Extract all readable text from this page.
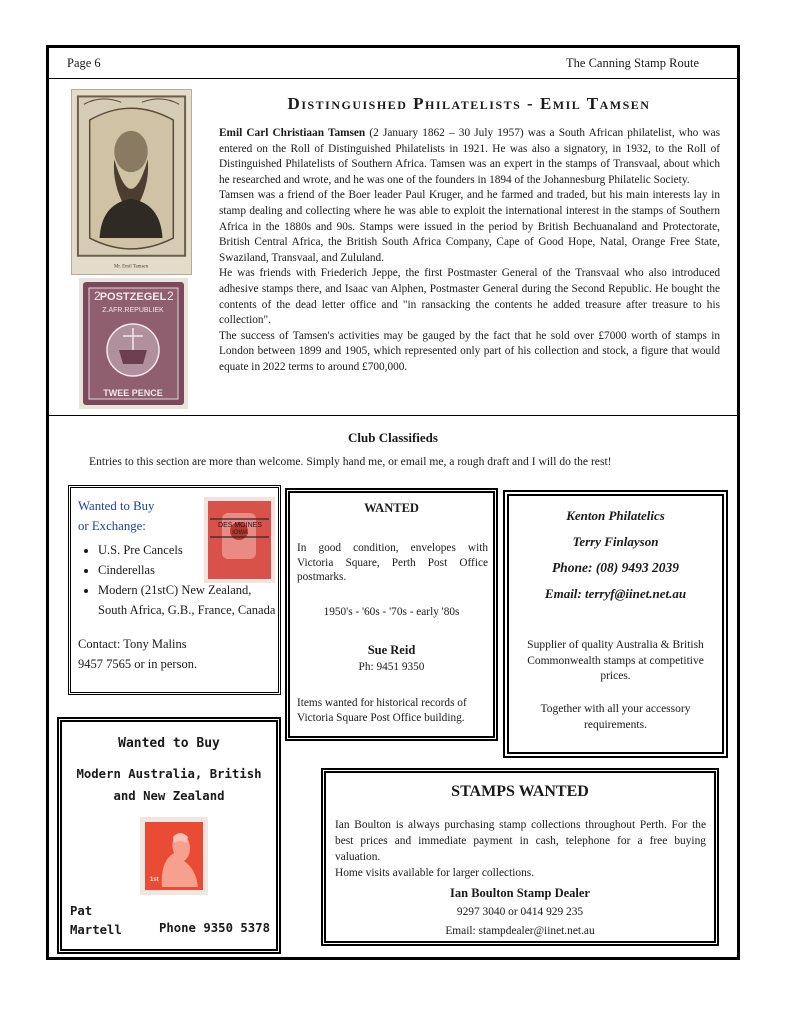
Page 6	The Canning Stamp Route
Mr. Emil Tamsen
POSTZEGEL
Z.AFR.REPUBLIEK
2	2
TWEE PENCE
Distinguished Philatelists - Emil Tamsen

Emil Carl Christiaan Tamsen (2 January 1862 – 30 July 1957) was a South African philatelist, who was entered on the Roll of Distinguished Philatelists in 1921. He was also a signatory, in 1932, to the Roll of Distinguished Philatelists of Southern Africa. Tamsen was an expert in the stamps of Transvaal, about which he researched and wrote, and he was one of the founders in 1894 of the Johannesburg Philatelic Society.

Tamsen was a friend of the Boer leader Paul Kruger, and he farmed and traded, but his main interests lay in stamp dealing and collecting where he was able to exploit the international interest in the stamps of Southern Africa in the 1880s and 90s. Stamps were issued in the period by British Bechuanaland and Protectorate, British Central Africa, the British South Africa Company, Cape of Good Hope, Natal, Orange Free State, Swaziland, Transvaal, and Zululand.

He was friends with Friederich Jeppe, the first Postmaster General of the Transvaal who also introduced adhesive stamps there, and Isaac van Alphen, Postmaster General during the Second Republic. He bought the contents of the dead letter office and "in ransacking the contents he added treasure after treasure to his collection".

The success of Tamsen's activities may be gauged by the fact that he sold over £7000 worth of stamps in London between 1899 and 1905, which represented only part of his collection and stock, a figure that would equate in 2022 terms to around £700,000.

Club Classifieds
Entries to this section are more than welcome. Simply hand me, or email me, a rough draft and I will do the rest!
Wanted to Buy
or Exchange:	DES MOINES
IOWA
• U.S. Pre Cancels
• Cinderellas
• Modern (21stC) New Zealand, South Africa, G.B., France, Canada
Contact: Tony Malins
9457 7565 or in person.
WANTED
In good condition, envelopes with Victoria Square, Perth Post Office postmarks.
1950's - '60s - '70s - early '80s
Sue Reid
Ph: 9451 9350
Items wanted for historical records of Victoria Square Post Office building.
Kenton Philatelics
Terry Finlayson
Phone: (08) 9493 2039
Email: terryf@iinet.net.au
Supplier of quality Australia & British Commonwealth stamps at competitive prices.
Together with all your accessory requirements.
Wanted to Buy
Modern Australia, British and New Zealand
1st
Pat
Martell	Phone 9350 5378
STAMPS WANTED
Ian Boulton is always purchasing stamp collections throughout Perth. For the best prices and immediate payment in cash, telephone for a free buying valuation.
Home visits available for larger collections.
Ian Boulton Stamp Dealer
9297 3040 or 0414 929 235
Email: stampdealer@iinet.net.au
